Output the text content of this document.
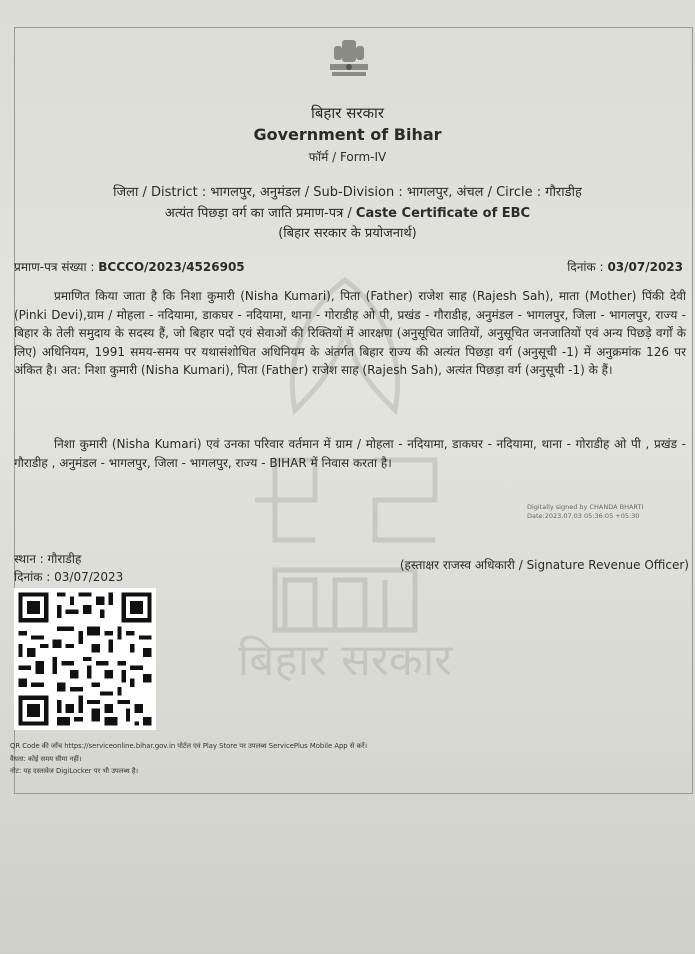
बिहार सरकार
बिहार सरकार
Government of Bihar
फॉर्म / Form-IV
जिला / District : भागलपुर, अनुमंडल / Sub-Division : भागलपुर, अंचल / Circle : गौराडीह
अत्यंत पिछड़ा वर्ग का जाति प्रमाण-पत्र / Caste Certificate of EBC
(बिहार सरकार के प्रयोजनार्थ)
प्रमाण-पत्र संख्या : BCCCO/2023/4526905	दिनांक : 03/07/2023

प्रमाणित किया जाता है कि निशा कुमारी (Nisha Kumari), पिता (Father) राजेश साह (Rajesh Sah), माता (Mother) पिंकी देवी (Pinki Devi),ग्राम / मोहला - नदियामा, डाकघर - नदियामा, थाना - गोराडीह ओ पी, प्रखंड - गौराडीह, अनुमंडल - भागलपुर, जिला - भागलपुर, राज्य - बिहार के तेली समुदाय के सदस्य हैं, जो बिहार पदों एवं सेवाओं की रिक्तियों में आरक्षण (अनुसूचित जातियों, अनुसूचित जनजातियों एवं अन्य पिछड़े वर्गों के लिए) अधिनियम, 1991 समय-समय पर यथासंशोधित अधिनियम के अंतर्गत बिहार राज्य की अत्यंत पिछड़ा वर्ग (अनुसूची -1) में अनुक्रमांक 126 पर अंकित है। अत: निशा कुमारी (Nisha Kumari), पिता (Father) राजेश साह (Rajesh Sah), अत्यंत पिछड़ा वर्ग (अनुसूची -1) के हैं।

निशा कुमारी (Nisha Kumari) एवं उनका परिवार वर्तमान में ग्राम / मोहला - नदियामा, डाकघर - नदियामा, थाना - गोराडीह ओ पी , प्रखंड - गौराडीह , अनुमंडल - भागलपुर, जिला - भागलपुर, राज्य - BIHAR में निवास करता है।

Digitally signed by CHANDA BHARTI
Date:2023.07.03 05:36:05 +05:30
स्थान : गौराडीह
दिनांक : 03/07/2023
(हस्ताक्षर राजस्व अधिकारी / Signature Revenue Officer)
QR Code की जाँच https://serviceonline.bihar.gov.in पोर्टल एवं Play Store पर उपलब्ध ServicePlus Mobile App से करें।
वैधता: कोई समय सीमा नहीं।
नोट: यह दस्तावेज DigiLocker पर भी उपलब्ध है।
